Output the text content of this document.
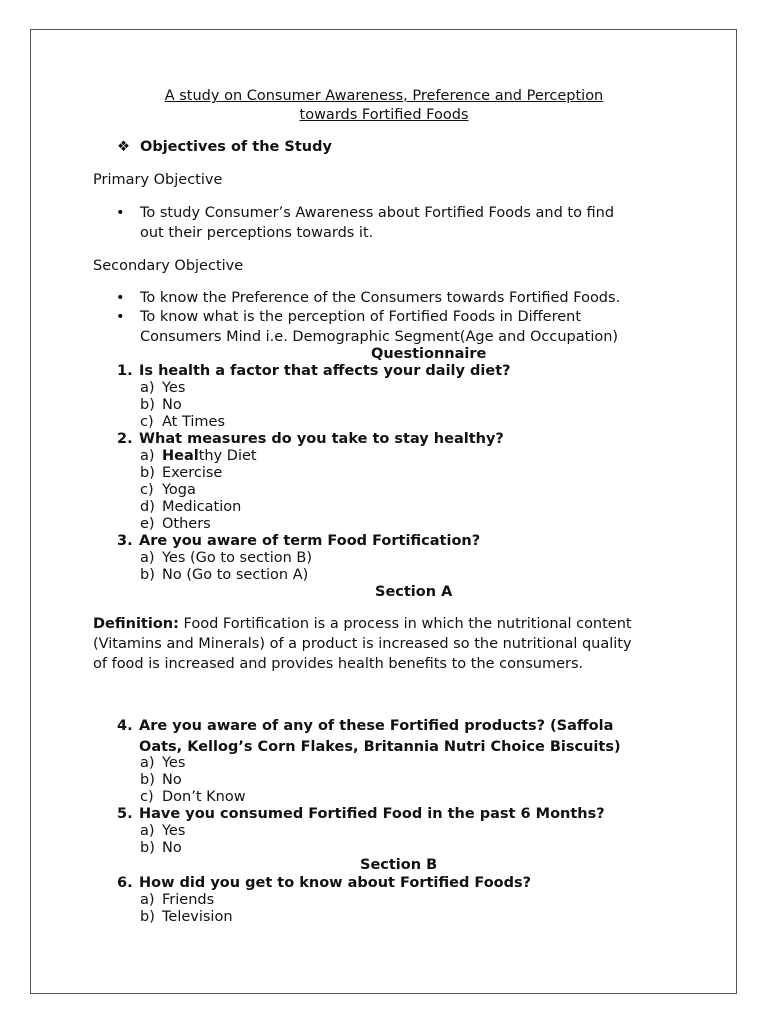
A study on Consumer Awareness, Preference and Perception
towards Fortified Foods
❖ Objectives of the Study
Primary Objective
• To study Consumer’s Awareness about Fortified Foods and to find
out their perceptions towards it.
Secondary Objective
• To know the Preference of the Consumers towards Fortified Foods.
• To know what is the perception of Fortified Foods in Different
Consumers Mind i.e. Demographic Segment(Age and Occupation)
Questionnaire
1. Is health a factor that affects your daily diet?
a) Yes
b) No
c) At Times
2. What measures do you take to stay healthy?
a) Healthy Diet
b) Exercise
c) Yoga
d) Medication
e) Others
3. Are you aware of term Food Fortification?
a) Yes (Go to section B)
b) No (Go to section A)
Section A
Definition: Food Fortification is a process in which the nutritional content
(Vitamins and Minerals) of a product is increased so the nutritional quality
of food is increased and provides health benefits to the consumers.
4. Are you aware of any of these Fortified products? (Saffola
Oats, Kellog’s Corn Flakes, Britannia Nutri Choice Biscuits)
a) Yes
b) No
c) Don’t Know
5. Have you consumed Fortified Food in the past 6 Months?
a) Yes
b) No
Section B
6. How did you get to know about Fortified Foods?
a) Friends
b) Television
